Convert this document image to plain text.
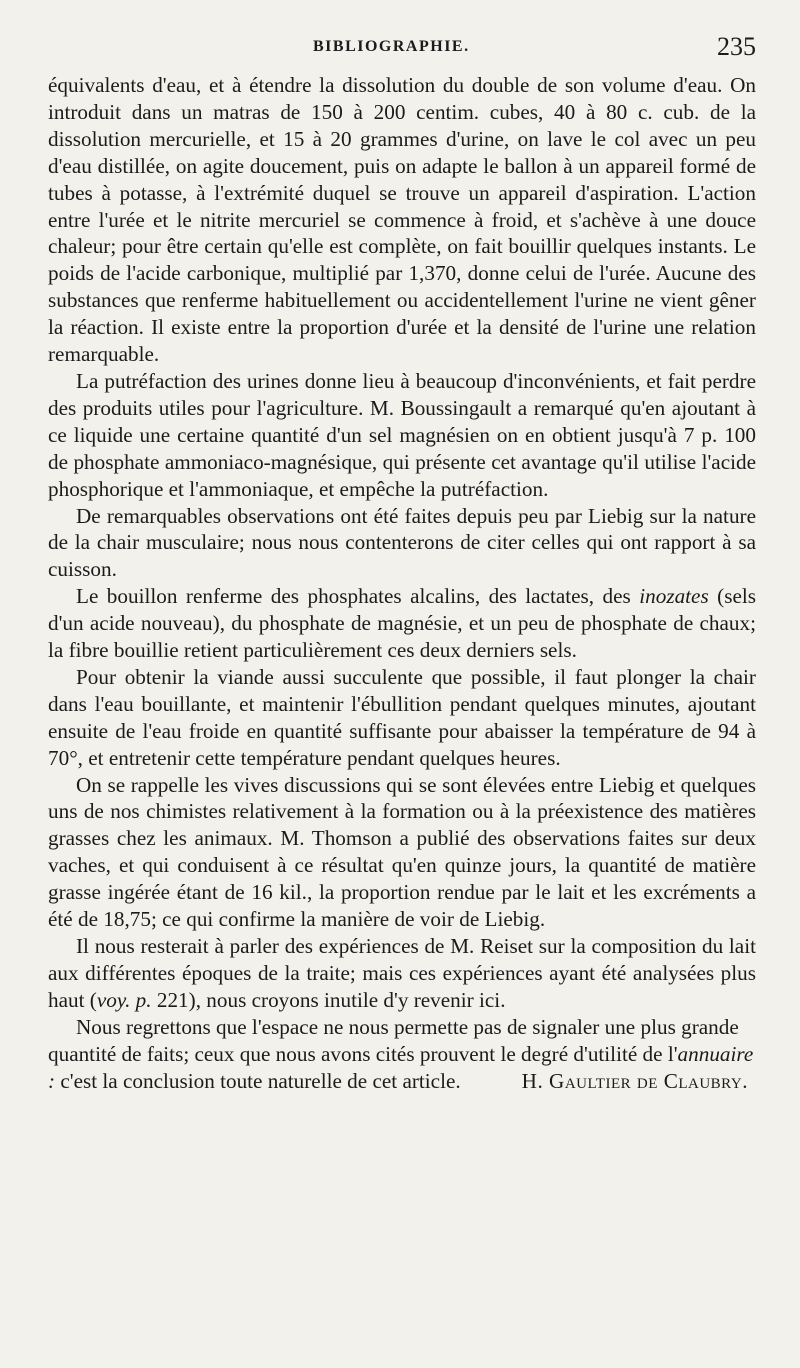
BIBLIOGRAPHIE.	235

équivalents d'eau, et à étendre la dissolution du double de son volume d'eau. On introduit dans un matras de 150 à 200 centim. cubes, 40 à 80 c. cub. de la dissolution mercurielle, et 15 à 20 grammes d'urine, on lave le col avec un peu d'eau distillée, on agite doucement, puis on adapte le ballon à un appareil formé de tubes à potasse, à l'extrémité duquel se trouve un appareil d'aspiration. L'action entre l'urée et le nitrite mercuriel se commence à froid, et s'achève à une douce chaleur; pour être certain qu'elle est complète, on fait bouillir quelques instants. Le poids de l'acide carbonique, multiplié par 1,370, donne celui de l'urée. Aucune des substances que renferme habituellement ou accidentellement l'urine ne vient gêner la réaction. Il existe entre la proportion d'urée et la densité de l'urine une relation remarquable.

La putréfaction des urines donne lieu à beaucoup d'inconvénients, et fait perdre des produits utiles pour l'agriculture. M. Boussingault a remarqué qu'en ajoutant à ce liquide une certaine quantité d'un sel magnésien on en obtient jusqu'à 7 p. 100 de phosphate ammoniaco-magnésique, qui présente cet avantage qu'il utilise l'acide phosphorique et l'ammoniaque, et empêche la putréfaction.

De remarquables observations ont été faites depuis peu par Liebig sur la nature de la chair musculaire; nous nous contenterons de citer celles qui ont rapport à sa cuisson.

Le bouillon renferme des phosphates alcalins, des lactates, des inozates (sels d'un acide nouveau), du phosphate de magnésie, et un peu de phosphate de chaux; la fibre bouillie retient particulièrement ces deux derniers sels.

Pour obtenir la viande aussi succulente que possible, il faut plonger la chair dans l'eau bouillante, et maintenir l'ébullition pendant quelques minutes, ajoutant ensuite de l'eau froide en quantité suffisante pour abaisser la température de 94 à 70°, et entretenir cette température pendant quelques heures.

On se rappelle les vives discussions qui se sont élevées entre Liebig et quelques uns de nos chimistes relativement à la formation ou à la préexistence des matières grasses chez les animaux. M. Thomson a publié des observations faites sur deux vaches, et qui conduisent à ce résultat qu'en quinze jours, la quantité de matière grasse ingérée étant de 16 kil., la proportion rendue par le lait et les excréments a été de 18,75; ce qui confirme la manière de voir de Liebig.

Il nous resterait à parler des expériences de M. Reiset sur la composition du lait aux différentes époques de la traite; mais ces expériences ayant été analysées plus haut (voy. p. 221), nous croyons inutile d'y revenir ici.

Nous regrettons que l'espace ne nous permette pas de signaler une plus grande quantité de faits; ceux que nous avons cités prouvent le degré d'utilité de l'annuaire : c'est la conclusion toute naturelle de cet article.	H. Gaultier de Claubry.
